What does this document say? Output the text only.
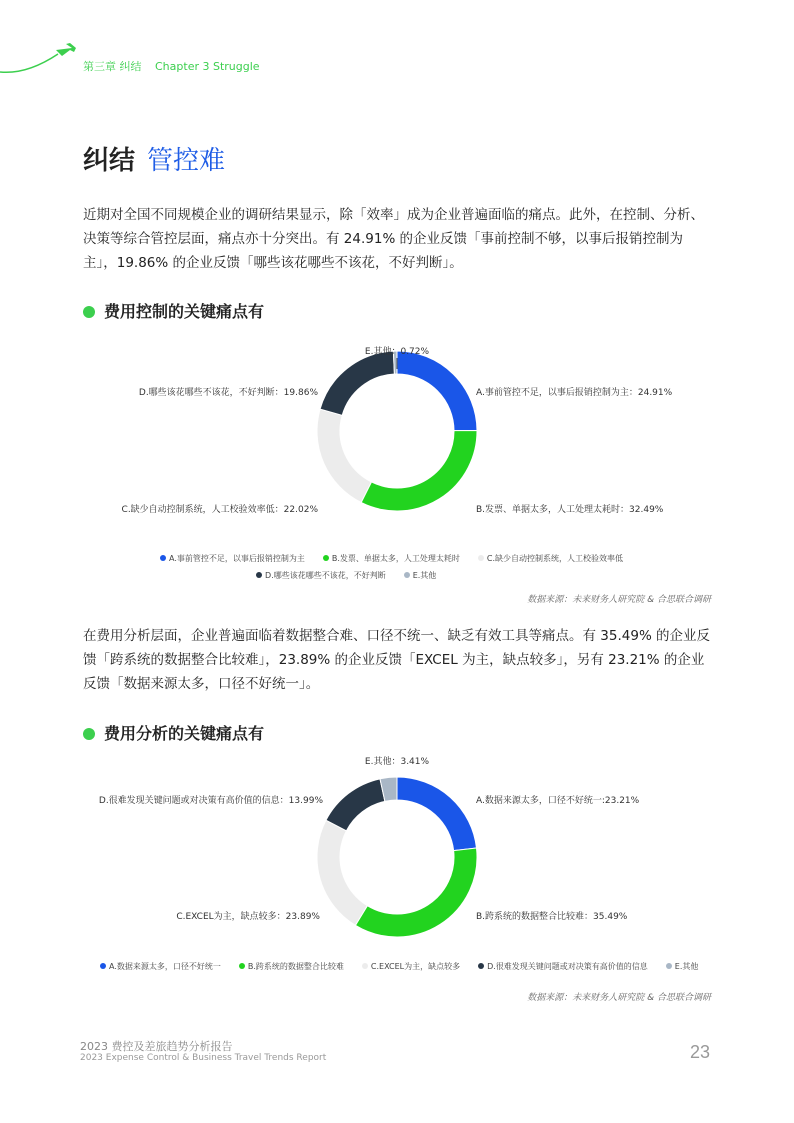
第三章 纠结 Chapter 3 Struggle
纠结 管控难
近期对全国不同规模企业的调研结果显示，除「效率」成为企业普遍面临的痛点。此外，在控制、分析、决策等综合管控层面，痛点亦十分突出。有 24.91% 的企业反馈「事前控制不够，以事后报销控制为主」，19.86% 的企业反馈「哪些该花哪些不该花，不好判断」。
费用控制的关键痛点有
A.事前管控不足，以事后报销控制为主：24.91%
B.发票、单据太多，人工处理太耗时：32.49%
C.缺少自动控制系统，人工校验效率低：22.02%
D.哪些该花哪些不该花，不好判断：19.86%
E.其他：0.72%
A.事前管控不足，以事后报销控制为主	B.发票、单据太多，人工处理太耗时	C.缺少自动控制系统，人工校验效率低
D.哪些该花哪些不该花，不好判断	E.其他
数据来源：未来财务人研究院 & 合思联合调研
在费用分析层面，企业普遍面临着数据整合难、口径不统一、缺乏有效工具等痛点。有 35.49% 的企业反馈「跨系统的数据整合比较难」，23.89% 的企业反馈「EXCEL 为主，缺点较多」，另有 23.21% 的企业反馈「数据来源太多，口径不好统一」。
费用分析的关键痛点有
A.数据来源太多，口径不好统一:23.21%
B.跨系统的数据整合比较难：35.49%
C.EXCEL为主，缺点较多：23.89%
D.很难发现关键问题或对决策有高价值的信息：13.99%
E.其他：3.41%
A.数据来源太多，口径不好统一	B.跨系统的数据整合比较难	C.EXCEL为主，缺点较多	D.很难发现关键问题或对决策有高价值的信息	E.其他
数据来源：未来财务人研究院 & 合思联合调研
2023 费控及差旅趋势分析报告
2023 Expense Control & Business Travel Trends Report	23
